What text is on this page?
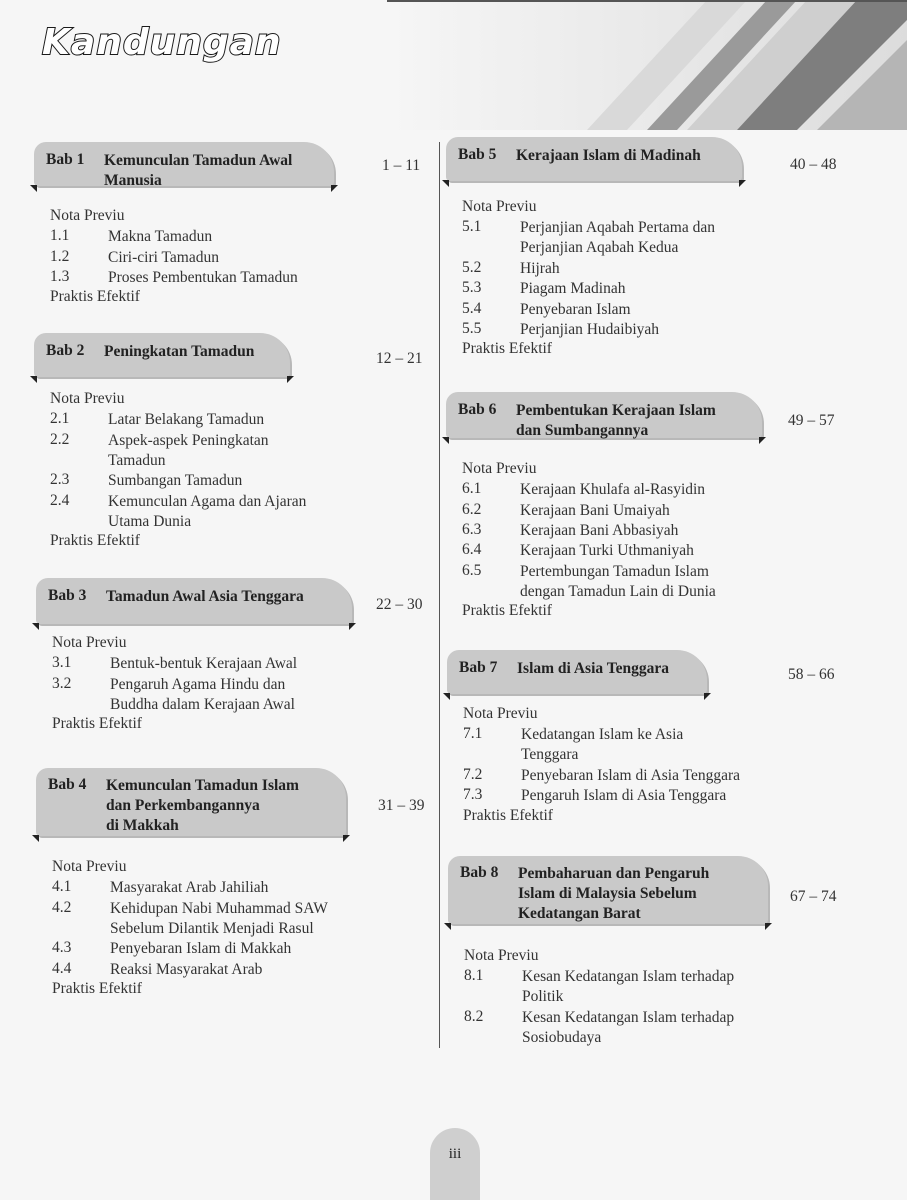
Kandungan
Bab 1 Kemunculan Tamadun Awal
Manusia
1 – 11
Nota Previu
1.1 Makna Tamadun
1.2 Ciri-ciri Tamadun
1.3 Proses Pembentukan Tamadun
Praktis Efektif
Bab 2 Peningkatan Tamadun	12 – 21
Nota Previu
2.1 Latar Belakang Tamadun
2.2 Aspek-aspek Peningkatan
Tamadun
2.3 Sumbangan Tamadun
2.4 Kemunculan Agama dan Ajaran
Utama Dunia
Praktis Efektif
Bab 3 Tamadun Awal Asia Tenggara	22 – 30
Nota Previu
3.1 Bentuk-bentuk Kerajaan Awal
3.2 Pengaruh Agama Hindu dan
Buddha dalam Kerajaan Awal
Praktis Efektif
Bab 4 Kemunculan Tamadun Islam
dan Perkembangannya
di Makkah
31 – 39
Nota Previu
4.1 Masyarakat Arab Jahiliah
4.2 Kehidupan Nabi Muhammad SAW
Sebelum Dilantik Menjadi Rasul
4.3 Penyebaran Islam di Makkah
4.4 Reaksi Masyarakat Arab
Praktis Efektif
Bab 5 Kerajaan Islam di Madinah
40 – 48
Nota Previu
5.1 Perjanjian Aqabah Pertama dan
Perjanjian Aqabah Kedua
5.2 Hijrah
5.3 Piagam Madinah
5.4 Penyebaran Islam
5.5 Perjanjian Hudaibiyah
Praktis Efektif
Bab 6 Pembentukan Kerajaan Islam
dan Sumbangannya
49 – 57
Nota Previu
6.1 Kerajaan Khulafa al-Rasyidin
6.2 Kerajaan Bani Umaiyah
6.3 Kerajaan Bani Abbasiyah
6.4 Kerajaan Turki Uthmaniyah
6.5 Pertembungan Tamadun Islam
dengan Tamadun Lain di Dunia
Praktis Efektif
Bab 7 Islam di Asia Tenggara	58 – 66
Nota Previu
7.1 Kedatangan Islam ke Asia
Tenggara
7.2 Penyebaran Islam di Asia Tenggara
7.3 Pengaruh Islam di Asia Tenggara
Praktis Efektif
Bab 8 Pembaharuan dan Pengaruh
Islam di Malaysia Sebelum
Kedatangan Barat
67 – 74
Nota Previu
8.1 Kesan Kedatangan Islam terhadap
Politik
8.2 Kesan Kedatangan Islam terhadap
Sosiobudaya
iii
